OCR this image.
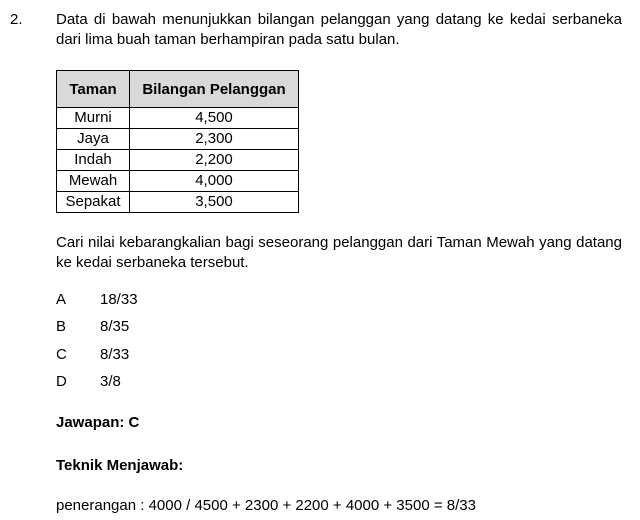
2. Data di bawah menunjukkan bilangan pelanggan yang datang ke kedai serbaneka dari lima buah taman berhampiran pada satu bulan.
Taman	Bilangan Pelanggan
Murni	4,500
Jaya	2,300
Indah	2,200
Mewah	4,000
Sepakat	3,500
Cari nilai kebarangkalian bagi seseorang pelanggan dari Taman Mewah yang datang ke kedai serbaneka tersebut.
A	18/33
B	8/35
C	8/33
D	3/8
Jawapan: C
Teknik Menjawab:
penerangan : 4000 / 4500 + 2300 + 2200 + 4000 + 3500 = 8/33
